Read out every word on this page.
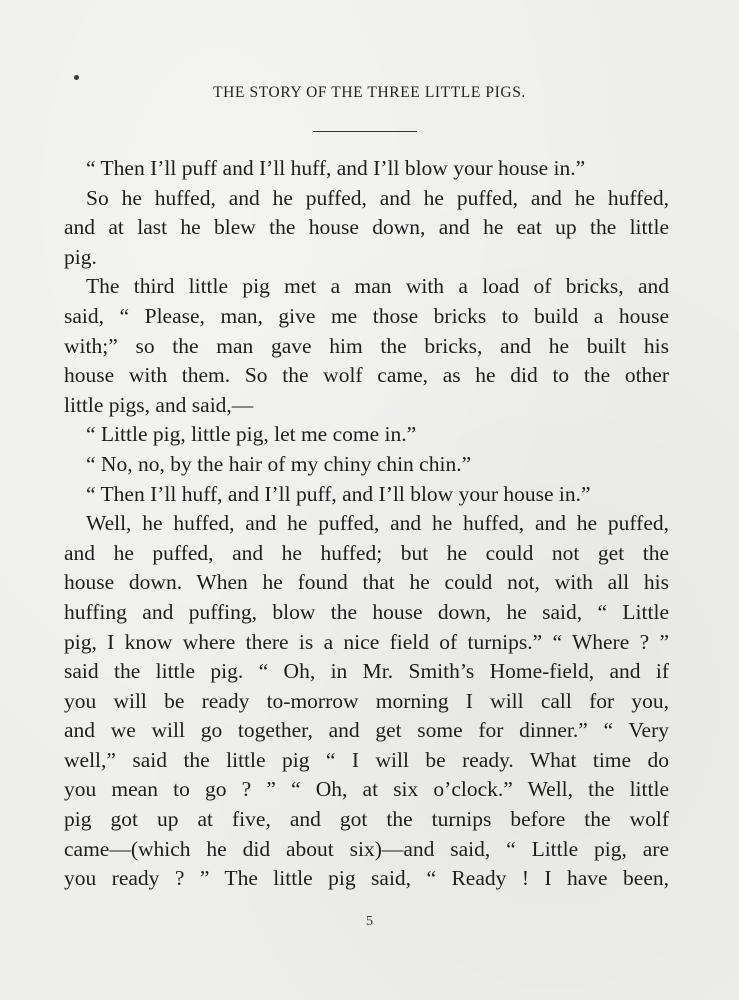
THE STORY OF THE THREE LITTLE PIGS.
“ Then I’ll puff and I’ll huff, and I’ll blow your house in.”
So he huffed, and he puffed, and he puffed, and he huffed,
and at last he blew the house down, and he eat up the little
pig.
The third little pig met a man with a load of bricks, and
said, “ Please, man, give me those bricks to build a house
with;” so the man gave him the bricks, and he built his
house with them. So the wolf came, as he did to the other
little pigs, and said,—
“ Little pig, little pig, let me come in.”
“ No, no, by the hair of my chiny chin chin.”
“ Then I’ll huff, and I’ll puff, and I’ll blow your house in.”
Well, he huffed, and he puffed, and he huffed, and he puffed,
and he puffed, and he huffed; but he could not get the
house down. When he found that he could not, with all his
huffing and puffing, blow the house down, he said, “ Little
pig, I know where there is a nice field of turnips.” “ Where ? ”
said the little pig. “ Oh, in Mr. Smith’s Home-field, and if
you will be ready to-morrow morning I will call for you,
and we will go together, and get some for dinner.” “ Very
well,” said the little pig “ I will be ready. What time do
you mean to go ? ” “ Oh, at six o’clock.” Well, the little
pig got up at five, and got the turnips before the wolf
came—(which he did about six)—and said, “ Little pig, are
you ready ? ” The little pig said, “ Ready ! I have been,
5
